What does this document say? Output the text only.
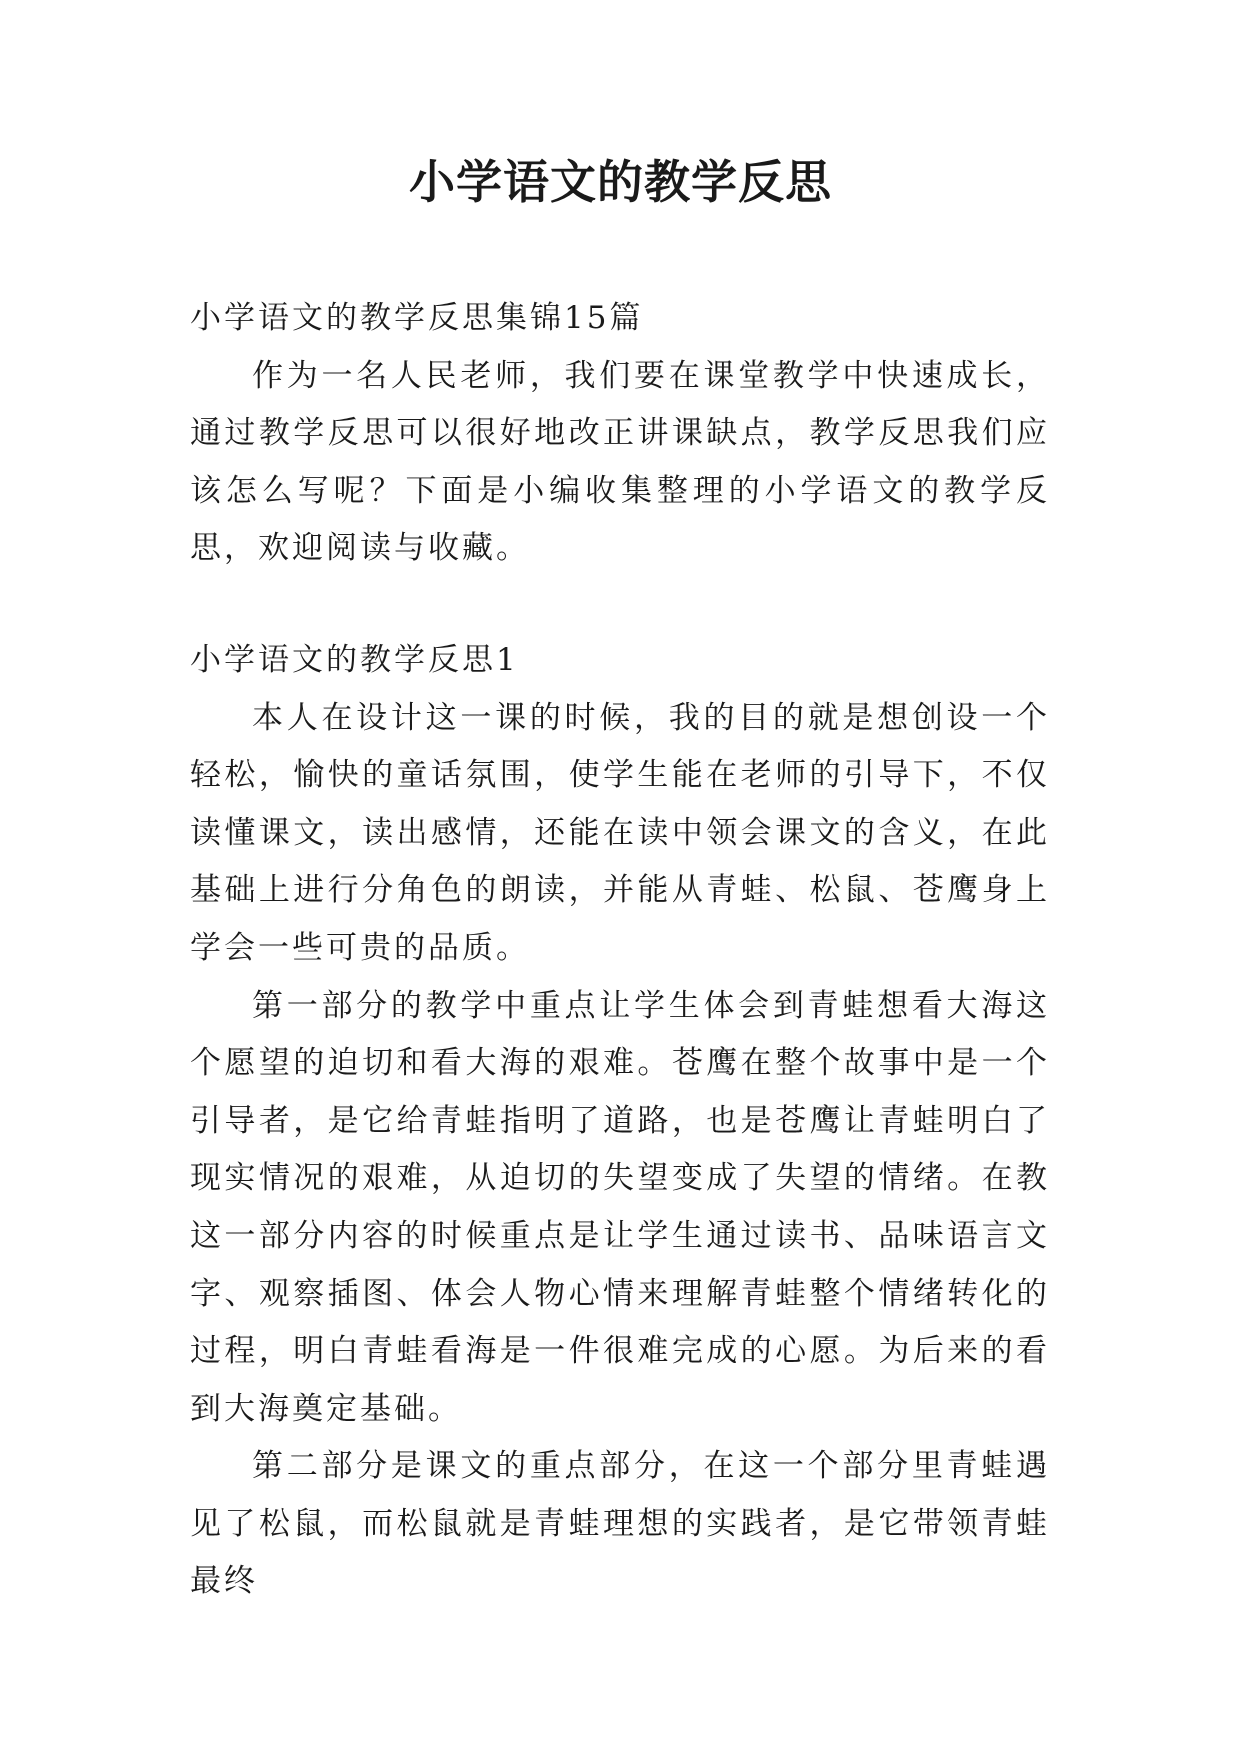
小学语文的教学反思

小学语文的教学反思集锦15篇

作为一名人民老师，我们要在课堂教学中快速成长，通过教学反思可以很好地改正讲课缺点，教学反思我们应该怎么写呢？下面是小编收集整理的小学语文的教学反思，欢迎阅读与收藏。

小学语文的教学反思1

本人在设计这一课的时候，我的目的就是想创设一个轻松，愉快的童话氛围，使学生能在老师的引导下，不仅读懂课文，读出感情，还能在读中领会课文的含义，在此基础上进行分角色的朗读，并能从青蛙、松鼠、苍鹰身上学会一些可贵的品质。

第一部分的教学中重点让学生体会到青蛙想看大海这个愿望的迫切和看大海的艰难。苍鹰在整个故事中是一个引导者，是它给青蛙指明了道路，也是苍鹰让青蛙明白了现实情况的艰难，从迫切的失望变成了失望的情绪。在教这一部分内容的时候重点是让学生通过读书、品味语言文字、观察插图、体会人物心情来理解青蛙整个情绪转化的过程，明白青蛙看海是一件很难完成的心愿。为后来的看到大海奠定基础。

第二部分是课文的重点部分，在这一个部分里青蛙遇见了松鼠，而松鼠就是青蛙理想的实践者，是它带领青蛙最终
